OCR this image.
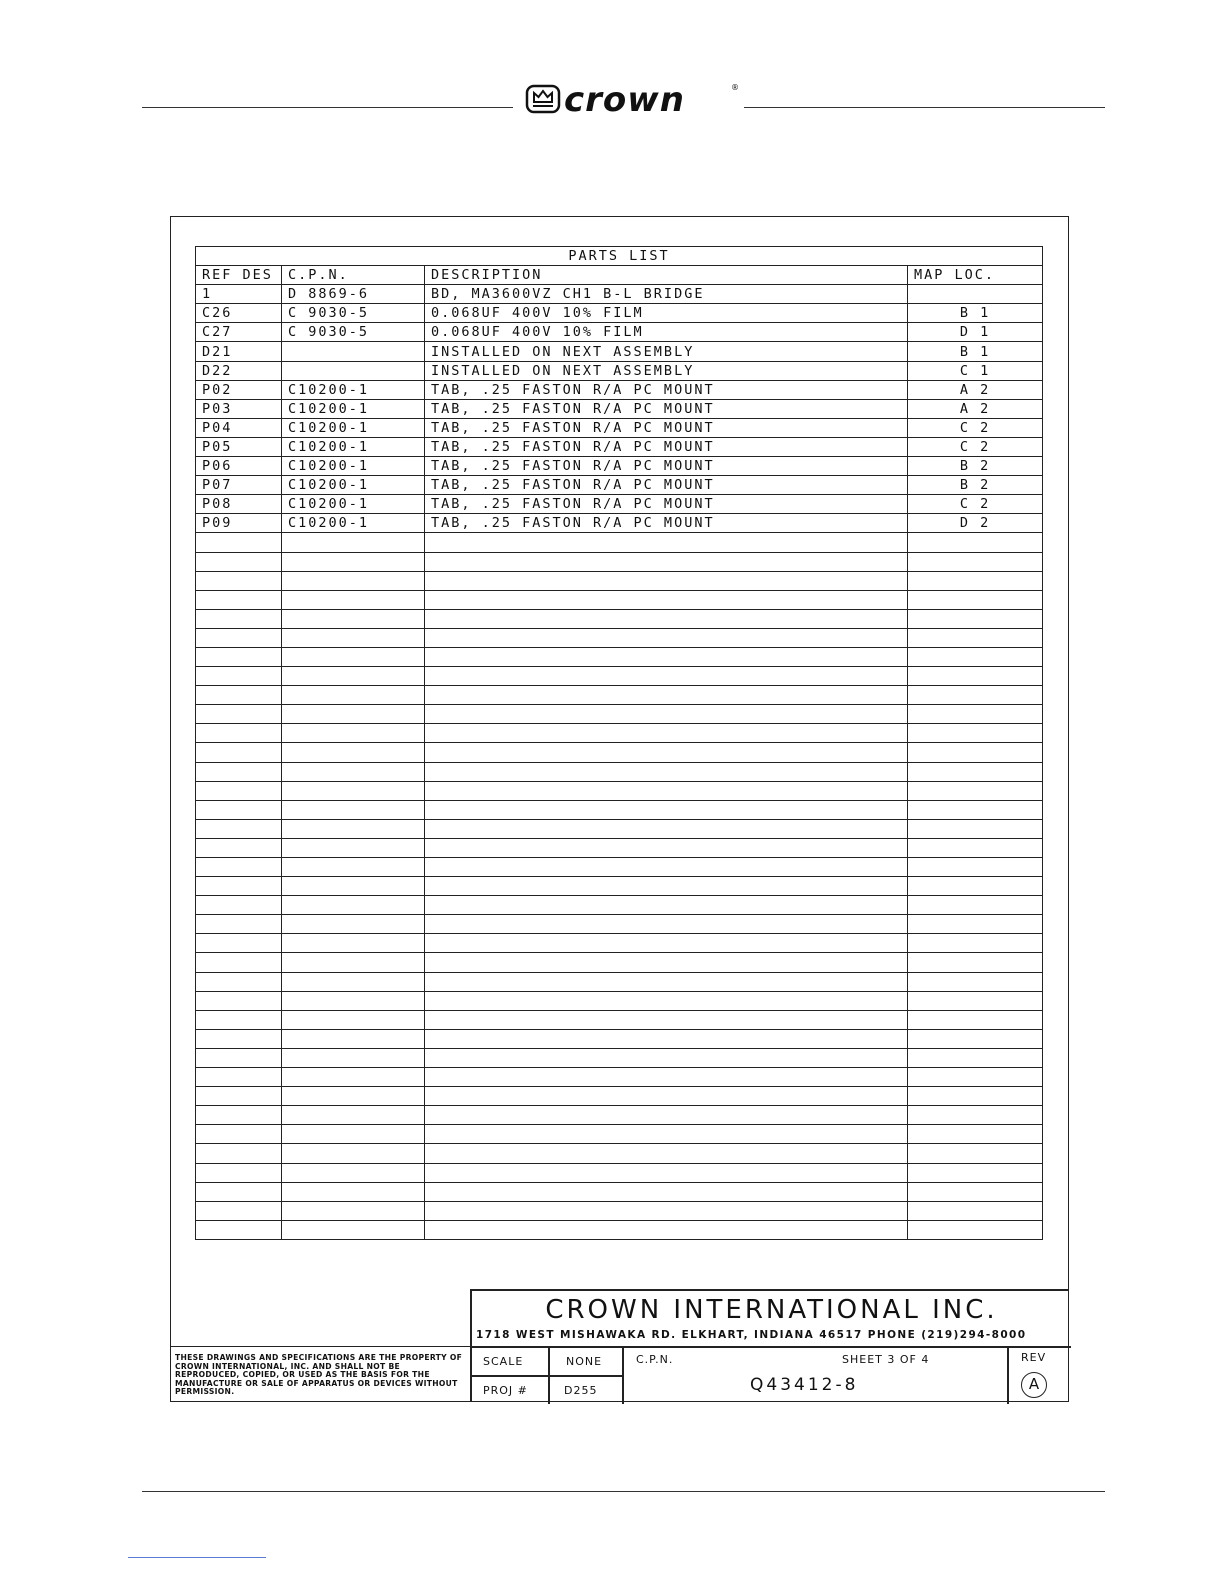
crown	®
PARTS LIST			
REF DES	C.P.N.	DESCRIPTION	MAP LOC.
1	D 8869-6	BD, MA3600VZ CH1 B-L BRIDGE	
C26	C 9030-5	0.068UF 400V 10% FILM	B 1
C27	C 9030-5	0.068UF 400V 10% FILM	D 1
D21		INSTALLED ON NEXT ASSEMBLY	B 1
D22		INSTALLED ON NEXT ASSEMBLY	C 1
P02	C10200-1	TAB, .25 FASTON R/A PC MOUNT	A 2
P03	C10200-1	TAB, .25 FASTON R/A PC MOUNT	A 2
P04	C10200-1	TAB, .25 FASTON R/A PC MOUNT	C 2
P05	C10200-1	TAB, .25 FASTON R/A PC MOUNT	C 2
P06	C10200-1	TAB, .25 FASTON R/A PC MOUNT	B 2
P07	C10200-1	TAB, .25 FASTON R/A PC MOUNT	B 2
P08	C10200-1	TAB, .25 FASTON R/A PC MOUNT	C 2
P09	C10200-1	TAB, .25 FASTON R/A PC MOUNT	D 2

THESE DRAWINGS AND SPECIFICATIONS ARE THE PROPERTY OF CROWN INTERNATIONAL, INC. AND SHALL NOT BE REPRODUCED, COPIED, OR USED AS THE BASIS FOR THE MANUFACTURE OR SALE OF APPARATUS OR DEVICES WITHOUT PERMISSION.
CROWN INTERNATIONAL INC.
1718 WEST MISHAWAKA RD. ELKHART, INDIANA 46517 PHONE (219)294-8000
SCALE	NONE
PROJ #	D255
C.P.N.	SHEET 3 OF 4
Q43412-8
REV
A
